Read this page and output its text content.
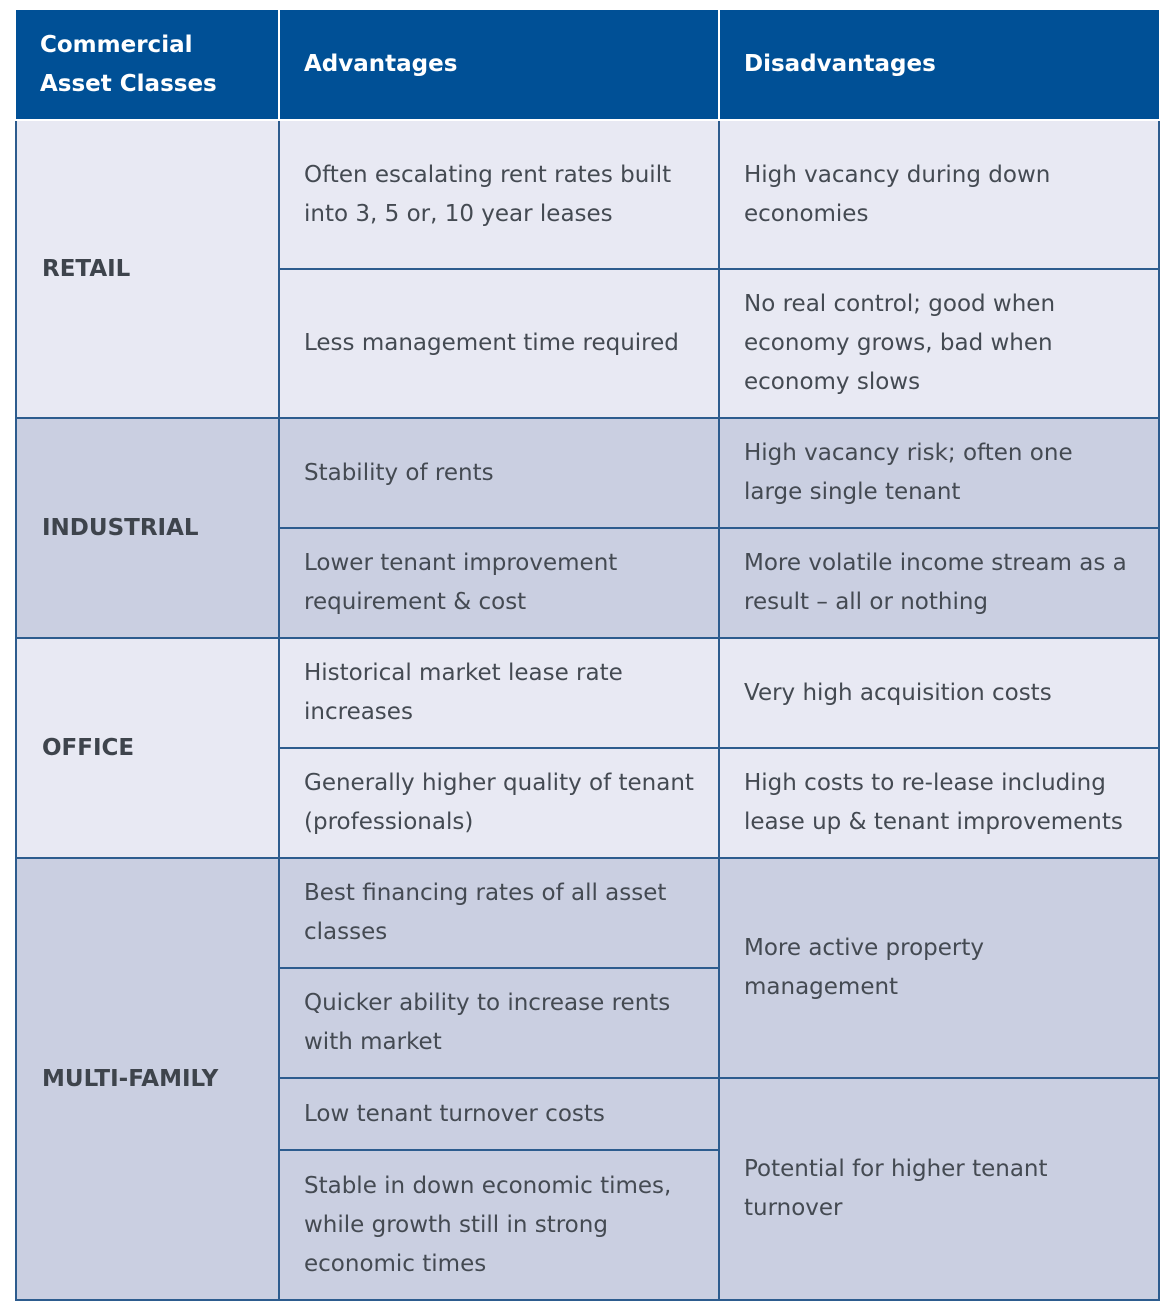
Commercial Asset Classes	Advantages	Disadvantages
RETAIL	Often escalating rent rates built into 3, 5 or, 10 year leases	High vacancy during down economies
	Less management time required	No real control; good when economy grows, bad when economy slows
INDUSTRIAL	Stability of rents	High vacancy risk; often one large single tenant
	Lower tenant improvement requirement & cost	More volatile income stream as a result – all or nothing
OFFICE	Historical market lease rate increases	Very high acquisition costs
	Generally higher quality of tenant (professionals)	High costs to re-lease including lease up & tenant improvements
MULTI-FAMILY	Best financing rates of all asset classes	More active property management
	Quicker ability to increase rents with market	
	Low tenant turnover costs	Potential for higher tenant turnover
	Stable in down economic times, while growth still in strong economic times	
